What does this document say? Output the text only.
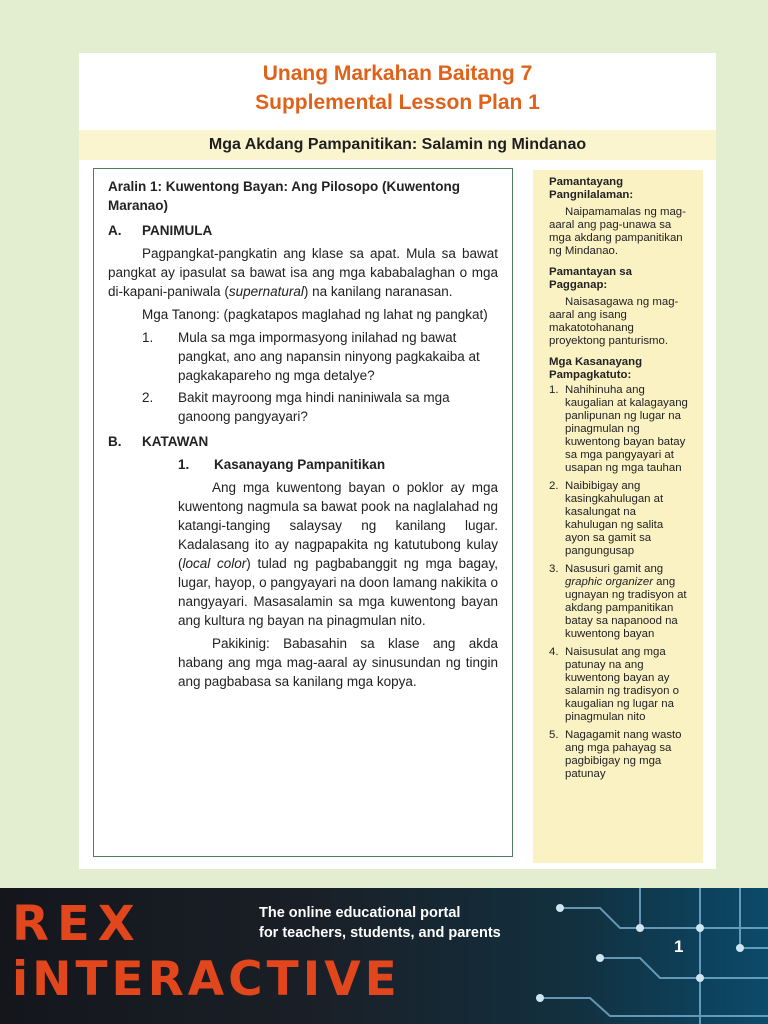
Unang Markahan Baitang 7
Supplemental Lesson Plan 1
Mga Akdang Pampanitikan: Salamin ng Mindanao

Aralin 1: Kuwentong Bayan: Ang Pilosopo (Kuwentong Maranao)

A. PANIMULA

Pagpangkat-pangkatin ang klase sa apat. Mula sa bawat pangkat ay ipasulat sa bawat isa ang mga kababalaghan o mga di-kapani-paniwala (supernatural) na kanilang naranasan.

Mga Tanong: (pagkatapos maglahad ng lahat ng pangkat)

1. Mula sa mga impormasyong inilahad ng bawat pangkat, ano ang napansin ninyong pagkakaiba at pagkakapareho ng mga detalye?
2. Bakit mayroong mga hindi naniniwala sa mga ganoong pangyayari?

B. KATAWAN

1. Kasanayang Pampanitikan

Ang mga kuwentong bayan o poklor ay mga kuwentong nagmula sa bawat pook na naglalahad ng katangi-tanging salaysay ng kanilang lugar. Kadalasang ito ay nagpapakita ng katutubong kulay (local color) tulad ng pagbabanggit ng mga bagay, lugar, hayop, o pangyayari na doon lamang nakikita o nangyayari. Masasalamin sa mga kuwentong bayan ang kultura ng bayan na pinagmulan nito.

Pakikinig: Babasahin sa klase ang akda habang ang mga mag-aaral ay sinusundan ng tingin ang pagbabasa sa kanilang mga kopya.

Pamantayang Pangnilalaman:

Naipamamalas ng mag-aaral ang pag-unawa sa mga akdang pampanitikan ng Mindanao.

Pamantayan sa Pagganap:

Naisasagawa ng mag-aaral ang isang makatotohanang proyektong panturismo.

Mga Kasanayang Pampagkatuto:

1. Nahihinuha ang kaugalian at kalagayang panlipunan ng lugar na pinagmulan ng kuwentong bayan batay sa mga pangyayari at usapan ng mga tauhan
2. Naibibigay ang kasingkahulugan at kasalungat na kahulugan ng salita ayon sa gamit sa pangungusap
3. Nasusuri gamit ang graphic organizer ang ugnayan ng tradisyon at akdang pampanitikan batay sa napanood na kuwentong bayan
4. Naisusulat ang mga patunay na ang kuwentong bayan ay salamin ng tradisyon o kaugalian ng lugar na pinagmulan nito
5. Nagagamit nang wasto ang mga pahayag sa pagbibigay ng mga patunay
REX
iNTERACTIVE
The online educational portal
for teachers, students, and parents
1
